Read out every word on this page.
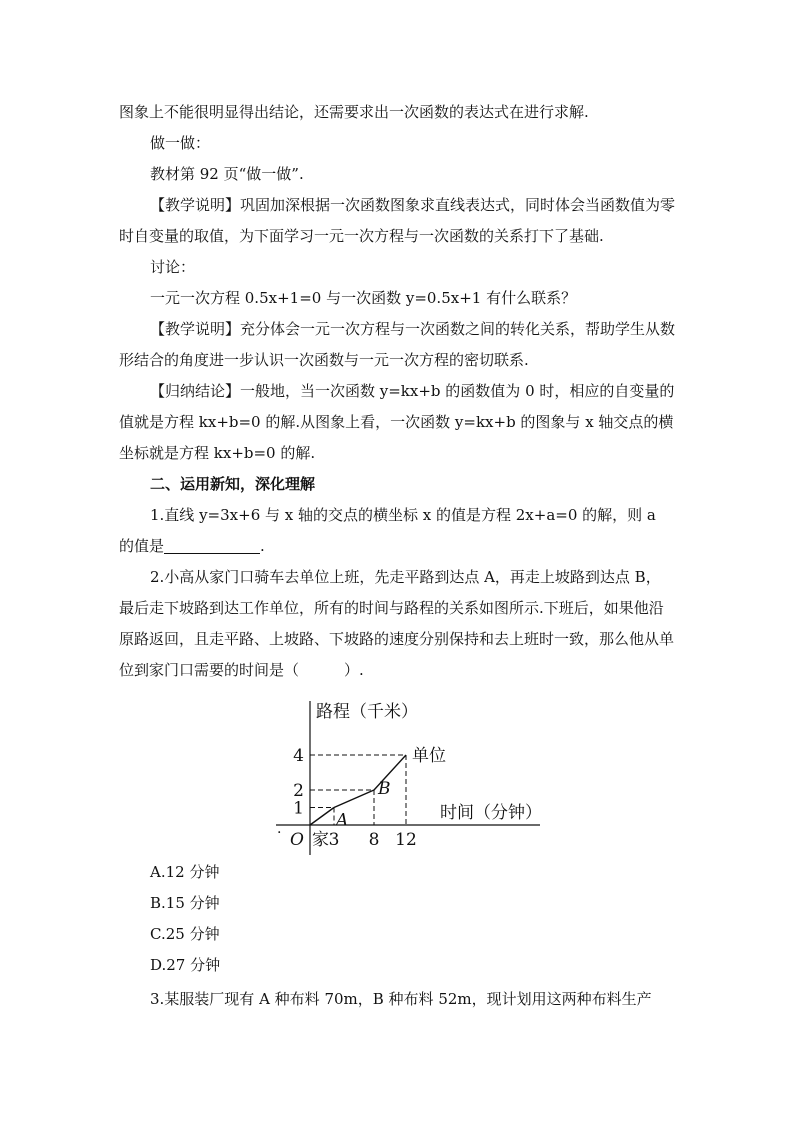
图象上不能很明显得出结论，还需要求出一次函数的表达式在进行求解.

做一做：

教材第 92 页“做一做”.

【教学说明】巩固加深根据一次函数图象求直线表达式，同时体会当函数值为零时自变量的取值，为下面学习一元一次方程与一次函数的关系打下了基础.

讨论：

一元一次方程 0.5x+1=0 与一次函数 y=0.5x+1 有什么联系？

【教学说明】充分体会一元一次方程与一次函数之间的转化关系，帮助学生从数形结合的角度进一步认识一次函数与一元一次方程的密切联系.

【归纳结论】一般地，当一次函数 y=kx+b 的函数值为 0 时，相应的自变量的值就是方程 kx+b=0 的解.从图象上看，一次函数 y=kx+b 的图象与 x 轴交点的横坐标就是方程 kx+b=0 的解.

二、运用新知，深化理解

1.直线 y=3x+6 与 x 轴的交点的横坐标 x 的值是方程 2x+a=0 的解，则 a 的值是	.

2.小高从家门口骑车去单位上班，先走平路到达点 A，再走上坡路到达点 B，最后走下坡路到达工作单位，所有的时间与路程的关系如图所示.下班后，如果他沿原路返回，且走平路、上坡路、下坡路的速度分别保持和去上班时一致，那么他从单位到家门口需要的时间是（　　　）.

路程（千米）
时间（分钟）
O 家
.
3 8 12
1
2
4
A
B
单位

A.12 分钟

B.15 分钟

C.25 分钟

D.27 分钟

3.某服装厂现有 A 种布料 70m，B 种布料 52m，现计划用这两种布料生产
